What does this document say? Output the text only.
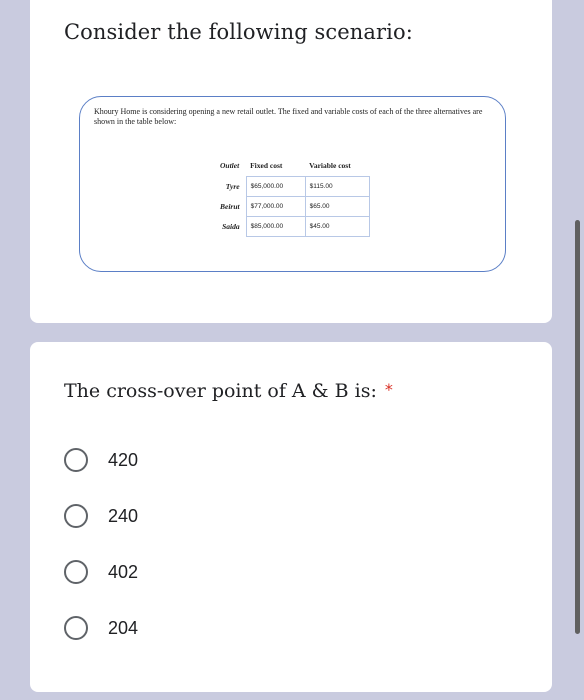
Consider the following scenario:

Khoury Home is considering opening a new retail outlet. The fixed and variable costs of each of the three alternatives are shown in the table below:

Outlet	Fixed cost	Variable cost
Tyre	$65,000.00	$115.00
Beirut	$77,000.00	$65.00
Saida	$85,000.00	$45.00
The cross-over point of A & B is: *
420
240
402
204
